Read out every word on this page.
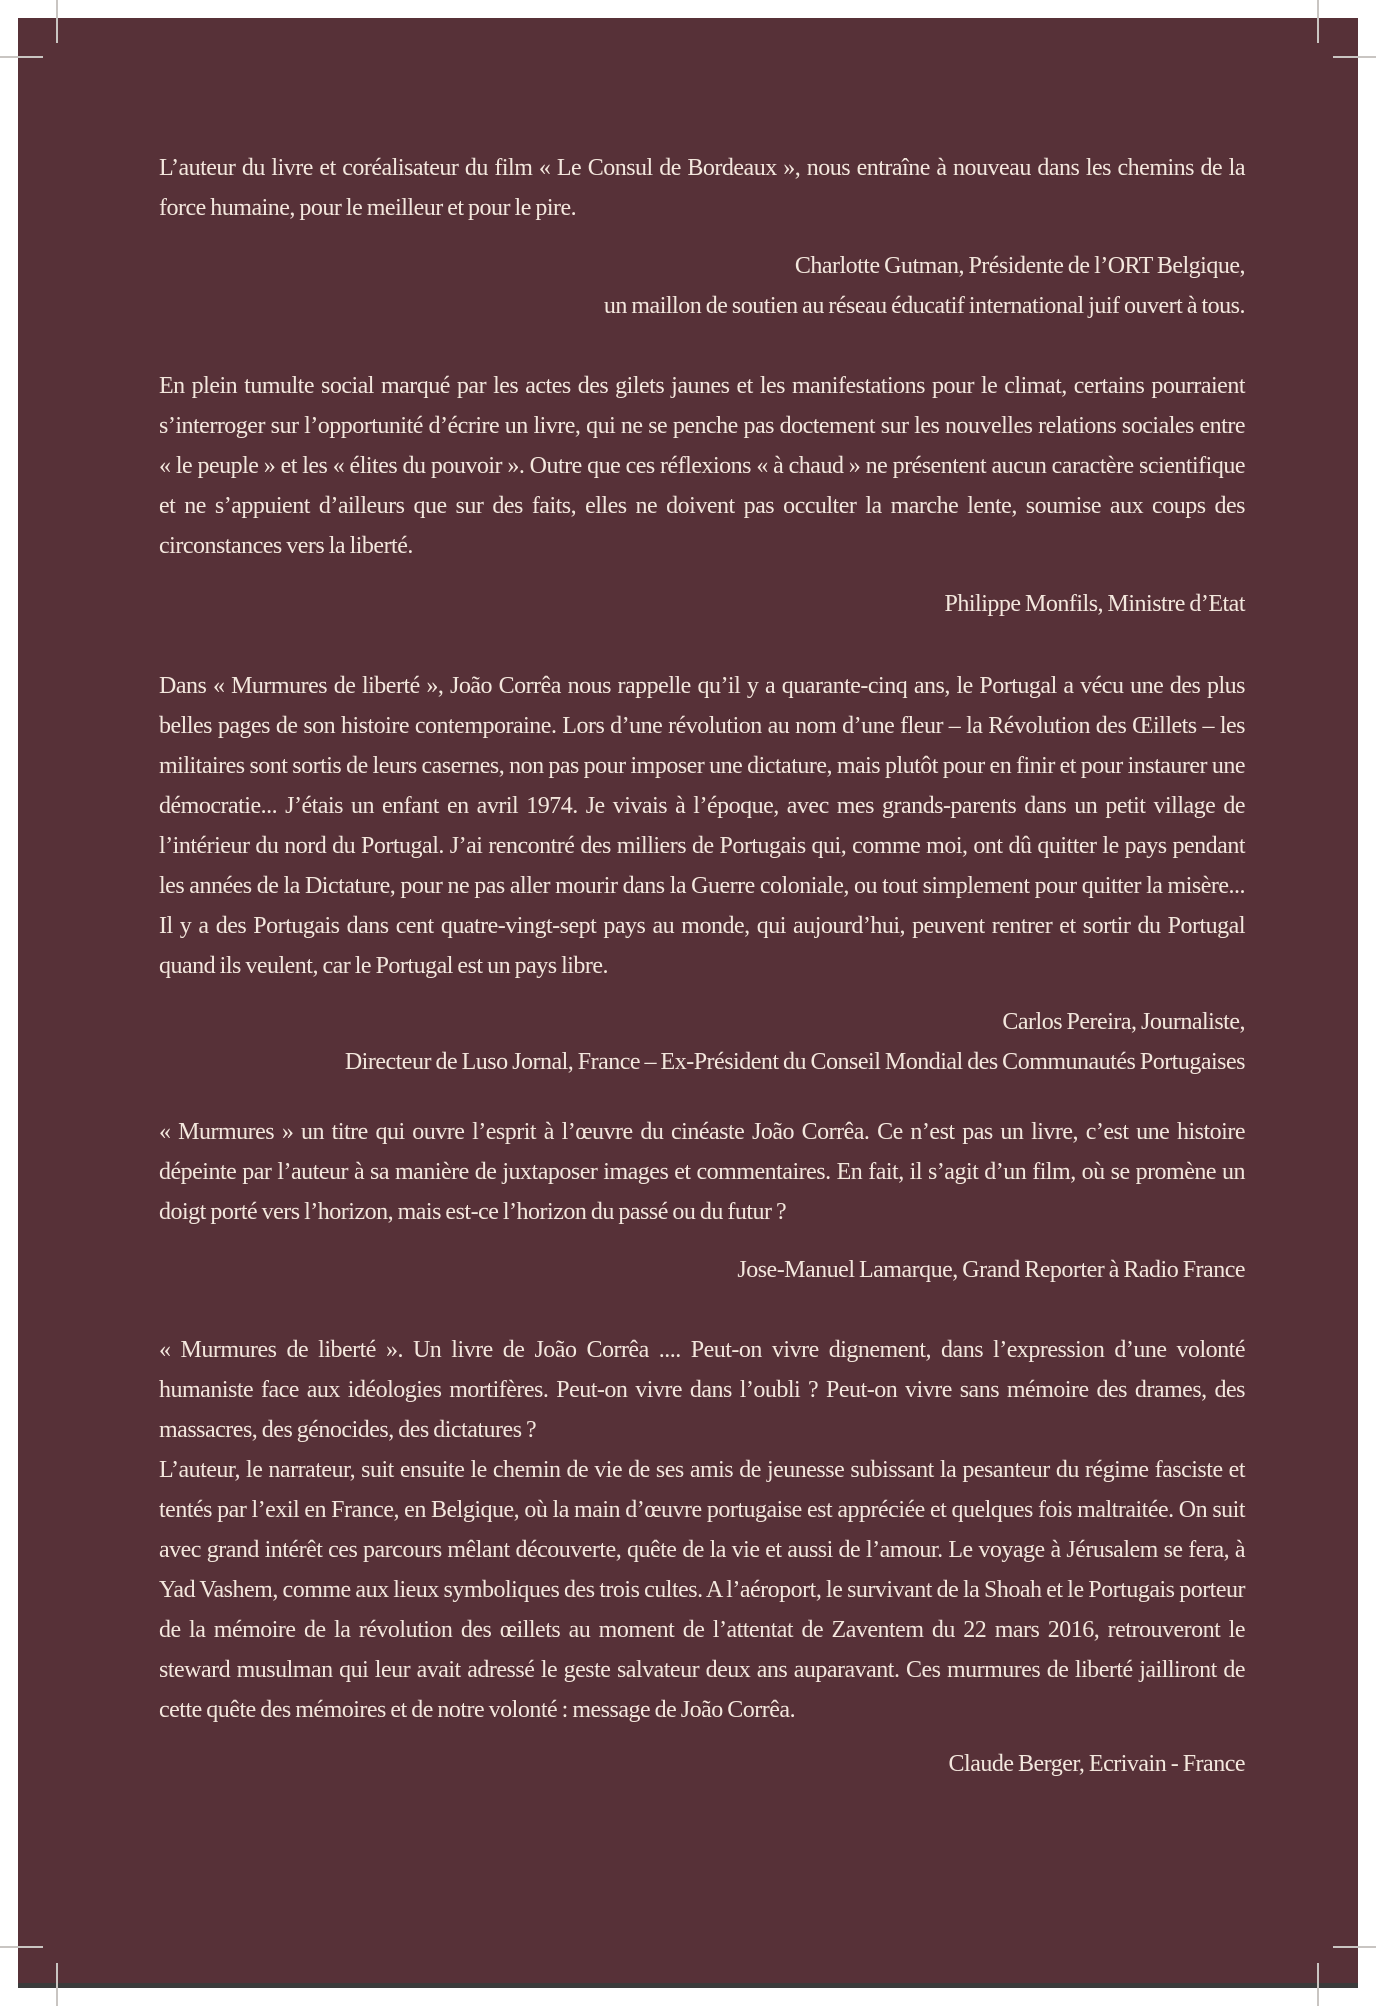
L’auteur du livre et coréalisateur du film « Le Consul de Bordeaux », nous entraîne à nouveau dans les chemins de la force humaine, pour le meilleur et pour le pire.

Charlotte Gutman, Présidente de l’ORT Belgique,

un maillon de soutien au réseau éducatif international juif ouvert à tous.

En plein tumulte social marqué par les actes des gilets jaunes et les manifestations pour le climat, certains pourraient s’interroger sur l’opportunité d’écrire un livre, qui ne se penche pas doctement sur les nouvelles relations sociales entre « le peuple » et les « élites du pouvoir ». Outre que ces réflexions « à chaud » ne présentent aucun caractère scientifique et ne s’appuient d’ailleurs que sur des faits, elles ne doivent pas occulter la marche lente, soumise aux coups des circonstances vers la liberté.

Philippe Monfils, Ministre d’Etat

Dans « Murmures de liberté », João Corrêa nous rappelle qu’il y a quarante-cinq ans, le Portugal a vécu une des plus belles pages de son histoire contemporaine. Lors d’une révolution au nom d’une fleur – la Révolution des Œillets – les militaires sont sortis de leurs casernes, non pas pour imposer une dictature, mais plutôt pour en finir et pour instaurer une démocratie... J’étais un enfant en avril 1974. Je vivais à l’époque, avec mes grands-parents dans un petit village de l’intérieur du nord du Portugal. J’ai rencontré des milliers de Portugais qui, comme moi, ont dû quitter le pays pendant les années de la Dictature, pour ne pas aller mourir dans la Guerre coloniale, ou tout simplement pour quitter la misère... Il y a des Portugais dans cent quatre-vingt-sept pays au monde, qui aujourd’hui, peuvent rentrer et sortir du Portugal quand ils veulent, car le Portugal est un pays libre.

Carlos Pereira, Journaliste,

Directeur de Luso Jornal, France – Ex-Président du Conseil Mondial des Communautés Portugaises

« Murmures » un titre qui ouvre l’esprit à l’œuvre du cinéaste João Corrêa. Ce n’est pas un livre, c’est une histoire dépeinte par l’auteur à sa manière de juxtaposer images et commentaires. En fait, il s’agit d’un film, où se promène un doigt porté vers l’horizon, mais est-ce l’horizon du passé ou du futur ?

Jose-Manuel Lamarque, Grand Reporter à Radio France

« Murmures de liberté ». Un livre de João Corrêa .... Peut-on vivre dignement, dans l’expression d’une volonté humaniste face aux idéologies mortifères. Peut-on vivre dans l’oubli ? Peut-on vivre sans mémoire des drames, des massacres, des génocides, des dictatures ?

L’auteur, le narrateur, suit ensuite le chemin de vie de ses amis de jeunesse subissant la pesanteur du régime fasciste et tentés par l’exil en France, en Belgique, où la main d’œuvre portugaise est appréciée et quelques fois maltraitée. On suit avec grand intérêt ces parcours mêlant découverte, quête de la vie et aussi de l’amour. Le voyage à Jérusalem se fera, à Yad Vashem, comme aux lieux symboliques des trois cultes. A l’aéroport, le survivant de la Shoah et le Portugais porteur de la mémoire de la révolution des œillets au moment de l’attentat de Zaventem du 22 mars 2016, retrouveront le steward musulman qui leur avait adressé le geste salvateur deux ans auparavant. Ces murmures de liberté jailliront de cette quête des mémoires et de notre volonté : message de João Corrêa.

Claude Berger, Ecrivain - France
